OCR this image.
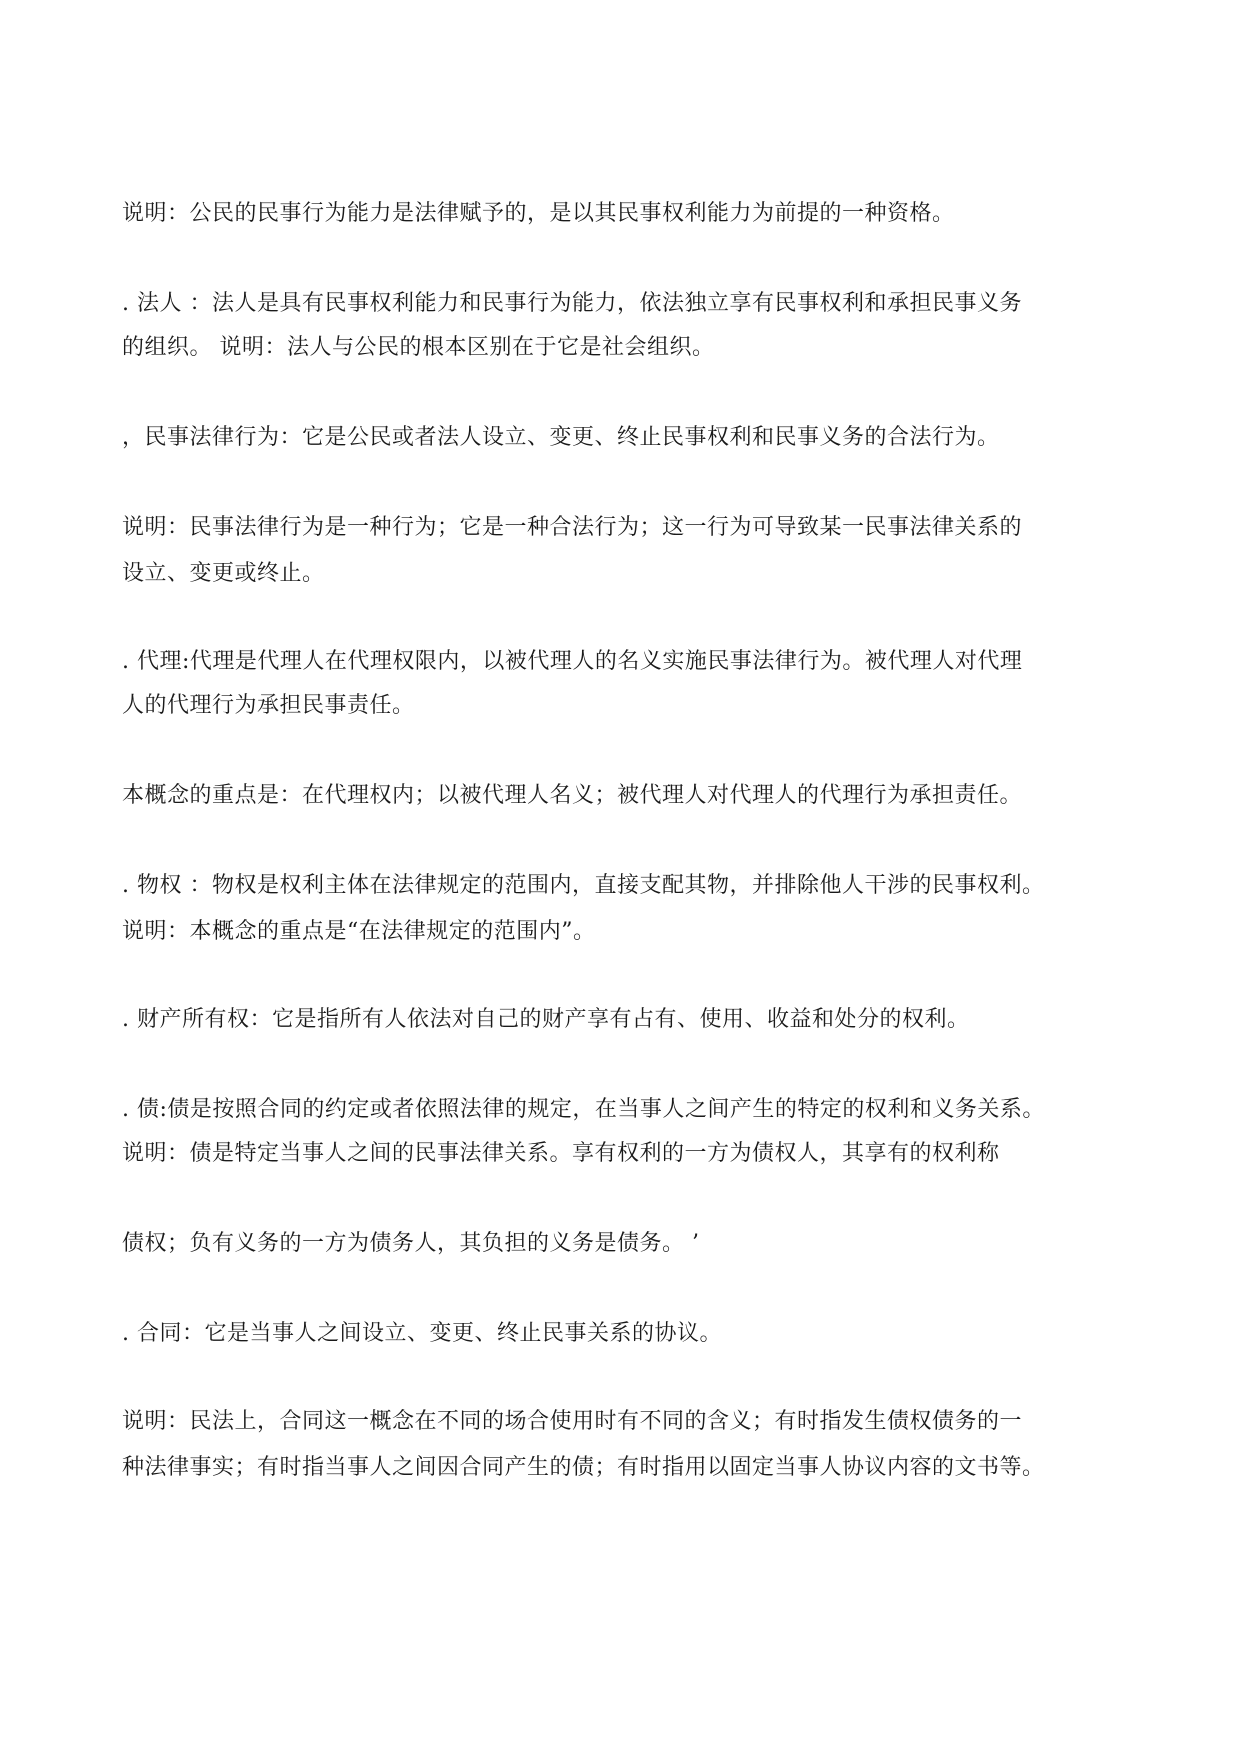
说明：公民的民事行为能力是法律赋予的，是以其民事权利能力为前提的一种资格。
. 法人 ：法人是具有民事权利能力和民事行为能力，依法独立享有民事权利和承担民事义务
的组织。 说明：法人与公民的根本区别在于它是社会组织。
，民事法律行为：它是公民或者法人设立、变更、终止民事权利和民事义务的合法行为。
说明：民事法律行为是一种行为；它是一种合法行为；这一行为可导致某一民事法律关系的
设立、变更或终止。
. 代理:代理是代理人在代理权限内，以被代理人的名义实施民事法律行为。被代理人对代理
人的代理行为承担民事责任。
本概念的重点是：在代理权内；以被代理人名义；被代理人对代理人的代理行为承担责任。
. 物权 ：物权是权利主体在法律规定的范围内，直接支配其物，并排除他人干涉的民事权利。
说明：本概念的重点是“在法律规定的范围内”。
. 财产所有权：它是指所有人依法对自己的财产享有占有、使用、收益和处分的权利。
. 债:债是按照合同的约定或者依照法律的规定，在当事人之间产生的特定的权利和义务关系。
说明：债是特定当事人之间的民事法律关系。享有权利的一方为债权人，其享有的权利称
债权；负有义务的一方为债务人，其负担的义务是债务。 ’
. 合同：它是当事人之间设立、变更、终止民事关系的协议。
说明：民法上，合同这一概念在不同的场合使用时有不同的含义；有时指发生债权债务的一
种法律事实；有时指当事人之间因合同产生的债；有时指用以固定当事人协议内容的文书等。
